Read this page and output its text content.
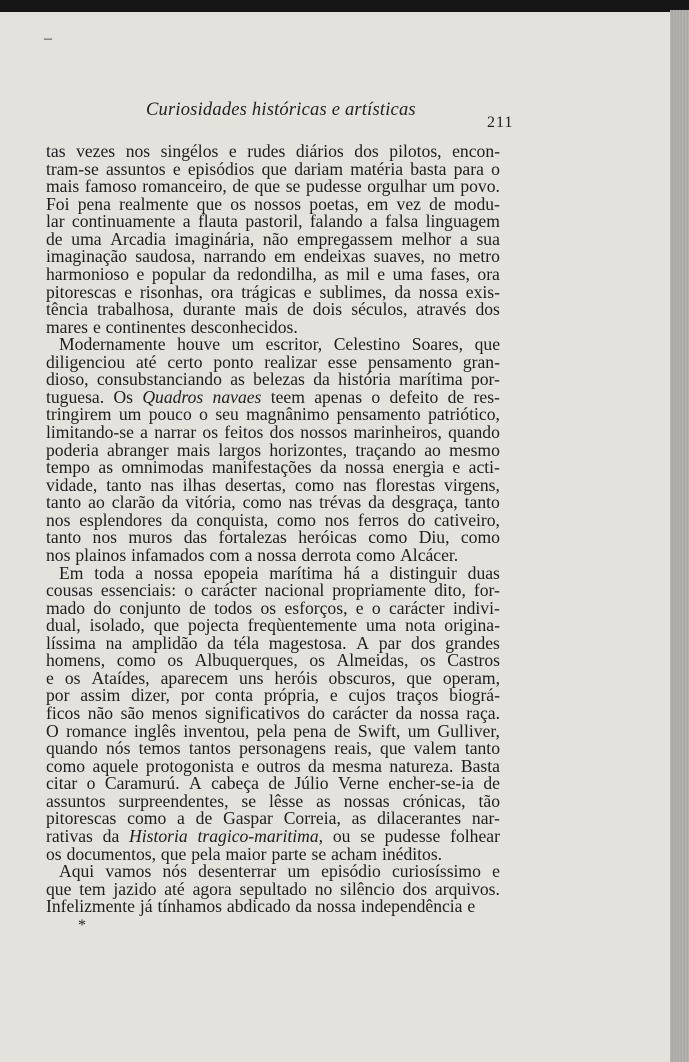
–
Curiosidades históricas e artísticas
211
tas vezes nos singélos e rudes diários dos pilotos, encon-
tram-se assuntos e episódios que dariam matéria basta para o
mais famoso romanceiro, de que se pudesse orgulhar um povo.
Foi pena realmente que os nossos poetas, em vez de modu-
lar continuamente a flauta pastoril, falando a falsa linguagem
de uma Arcadia imaginária, não empregassem melhor a sua
imaginação saudosa, narrando em endeixas suaves, no metro
harmonioso e popular da redondilha, as mil e uma fases, ora
pitorescas e risonhas, ora trágicas e sublimes, da nossa exis-
tência trabalhosa, durante mais de dois séculos, através dos
mares e continentes desconhecidos.
Modernamente houve um escritor, Celestino Soares, que
diligenciou até certo ponto realizar esse pensamento gran-
dioso, consubstanciando as belezas da história marítima por-
tuguesa. Os Quadros navaes teem apenas o defeito de res-
tringirem um pouco o seu magnânimo pensamento patriótico,
limitando-se a narrar os feitos dos nossos marinheiros, quando
poderia abranger mais largos horizontes, traçando ao mesmo
tempo as omnimodas manifestações da nossa energia e acti-
vidade, tanto nas ilhas desertas, como nas florestas virgens,
tanto ao clarão da vitória, como nas trévas da desgraça, tanto
nos esplendores da conquista, como nos ferros do cativeiro,
tanto nos muros das fortalezas heróicas como Diu, como
nos plainos infamados com a nossa derrota como Alcácer.
Em toda a nossa epopeia marítima há a distinguir duas
cousas essenciais: o carácter nacional propriamente dito, for-
mado do conjunto de todos os esforços, e o carácter indivi-
dual, isolado, que pojecta freqùentemente uma nota origina-
líssima na amplidão da téla magestosa. A par dos grandes
homens, como os Albuquerques, os Almeidas, os Castros
e os Ataídes, aparecem uns heróis obscuros, que operam,
por assim dizer, por conta própria, e cujos traços biográ-
ficos não são menos significativos do carácter da nossa raça.
O romance inglês inventou, pela pena de Swift, um Gulliver,
quando nós temos tantos personagens reais, que valem tanto
como aquele protogonista e outros da mesma natureza. Basta
citar o Caramurú. A cabeça de Júlio Verne encher-se-ia de
assuntos surpreendentes, se lêsse as nossas crónicas, tão
pitorescas como a de Gaspar Correia, as dilacerantes nar-
rativas da Historia tragico-maritima, ou se pudesse folhear
os documentos, que pela maior parte se acham inéditos.
Aqui vamos nós desenterrar um episódio curiosíssimo e
que tem jazido até agora sepultado no silêncio dos arquivos.
Infelizmente já tínhamos abdicado da nossa independência e
*
